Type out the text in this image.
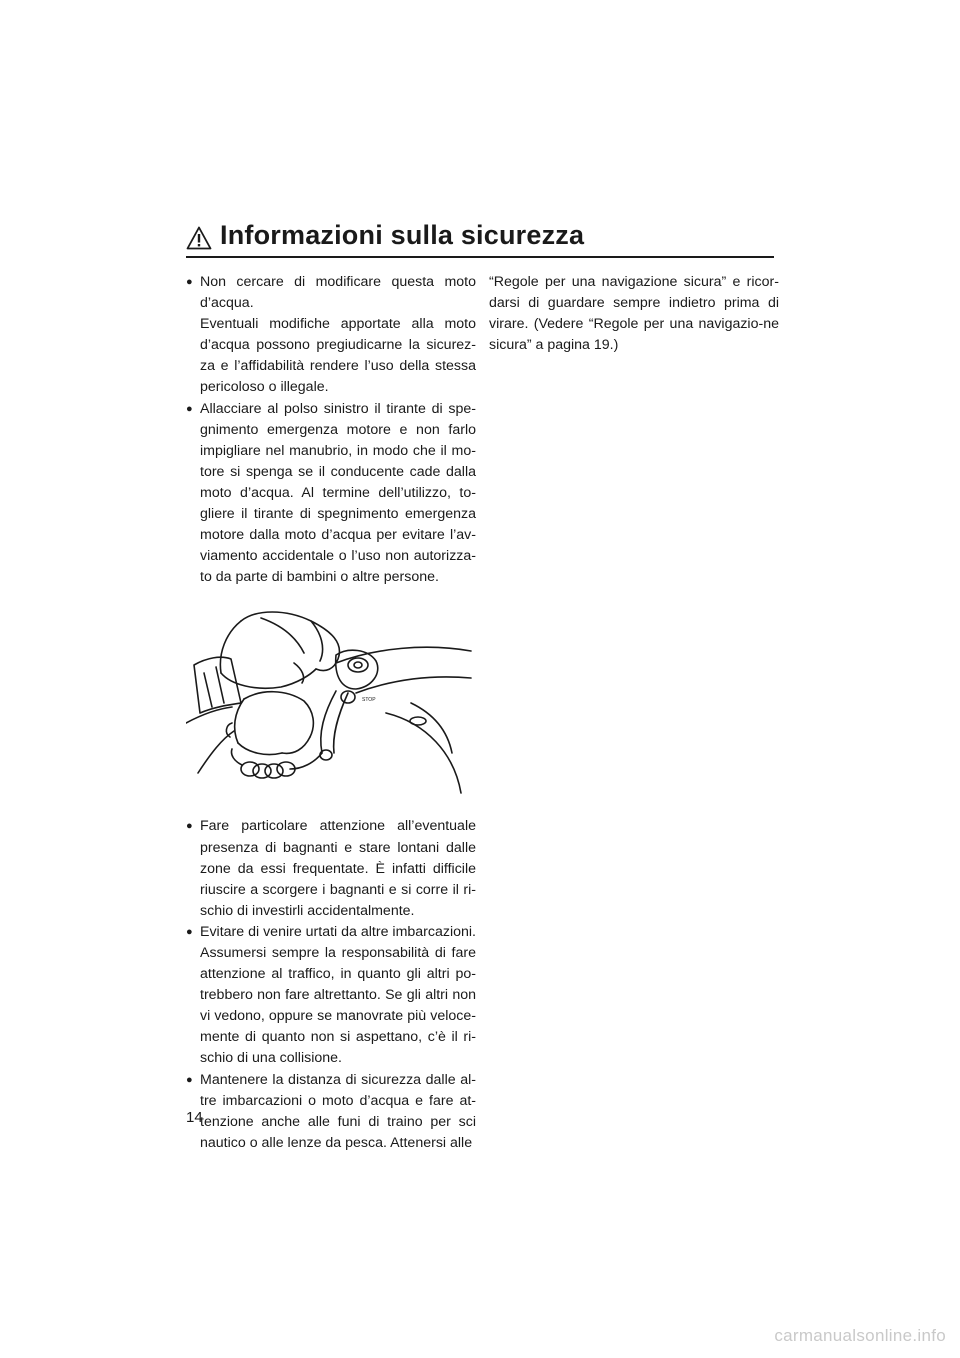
Informazioni sulla sicurezza
● Non cercare di modificare questa moto d’acqua.
Eventuali modifiche apportate alla moto d’acqua possono pregiudicarne la sicurez-za e l’affidabilità rendere l’uso della stessa pericoloso o illegale.
● Allacciare al polso sinistro il tirante di spe-gnimento emergenza motore e non farlo impigliare nel manubrio, in modo che il mo-tore si spenga se il conducente cade dalla moto d’acqua. Al termine dell’utilizzo, to-gliere il tirante di spegnimento emergenza motore dalla moto d’acqua per evitare l’av-viamento accidentale o l’uso non autorizza-to da parte di bambini o altre persone.
STOP
● Fare particolare attenzione all’eventuale presenza di bagnanti e stare lontani dalle zone da essi frequentate. È infatti difficile riuscire a scorgere i bagnanti e si corre il ri-schio di investirli accidentalmente.
● Evitare di venire urtati da altre imbarcazioni. Assumersi sempre la responsabilità di fare attenzione al traffico, in quanto gli altri po-trebbero non fare altrettanto. Se gli altri non vi vedono, oppure se manovrate più veloce-mente di quanto non si aspettano, c’è il ri-schio di una collisione.
● Mantenere la distanza di sicurezza dalle al-tre imbarcazioni o moto d’acqua e fare at-tenzione anche alle funi di traino per sci nautico o alle lenze da pesca. Attenersi alle
“Regole per una navigazione sicura” e ricor-darsi di guardare sempre indietro prima di virare. (Vedere “Regole per una navigazio-ne sicura” a pagina 19.)
14
carmanualsonline.info
